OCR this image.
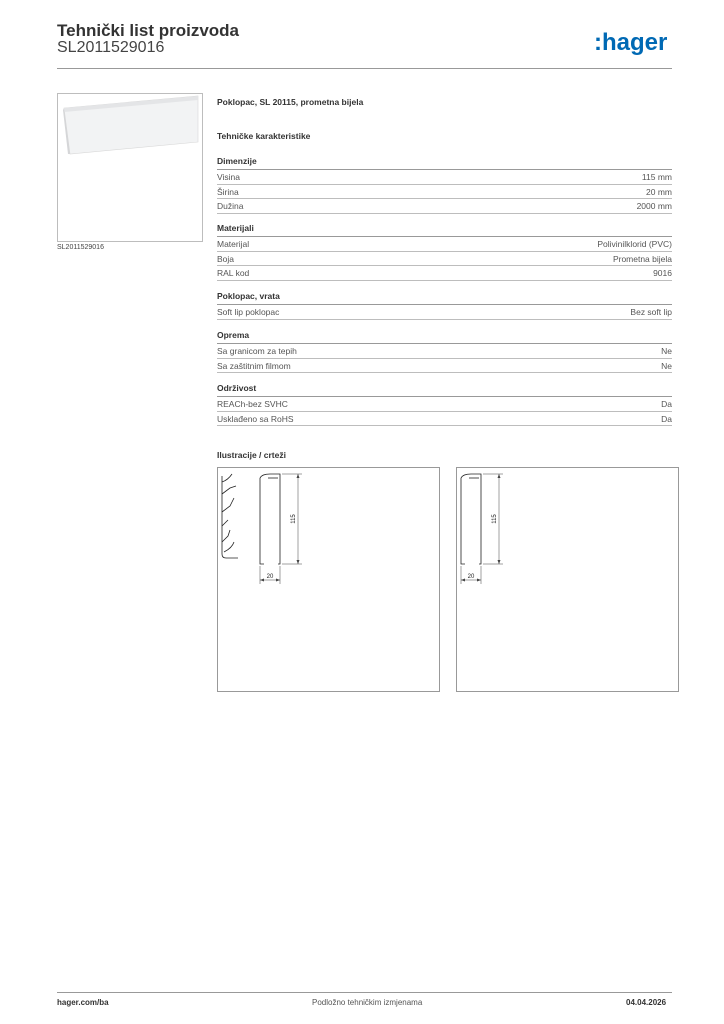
Tehnički list proizvoda
SL2011529016	:hager
SL2011529016
Poklopac, SL 20115, prometna bijela
Tehničke karakteristike
Dimenzije
Visina	115 mm
Širina	20 mm
Dužina	2000 mm
Materijali
Materijal	Polivinilklorid (PVC)
Boja	Prometna bijela
RAL kod	9016
Poklopac, vrata
Soft lip poklopac	Bez soft lip
Oprema
Sa granicom za tepih	Ne
Sa zaštitnim filmom	Ne
Održivost
REACh-bez SVHC	Da
Usklađeno sa RoHS	Da
Ilustracije / crteži
115
20
115
20
hager.com/ba	Podložno tehničkim izmjenama	04.04.2026
